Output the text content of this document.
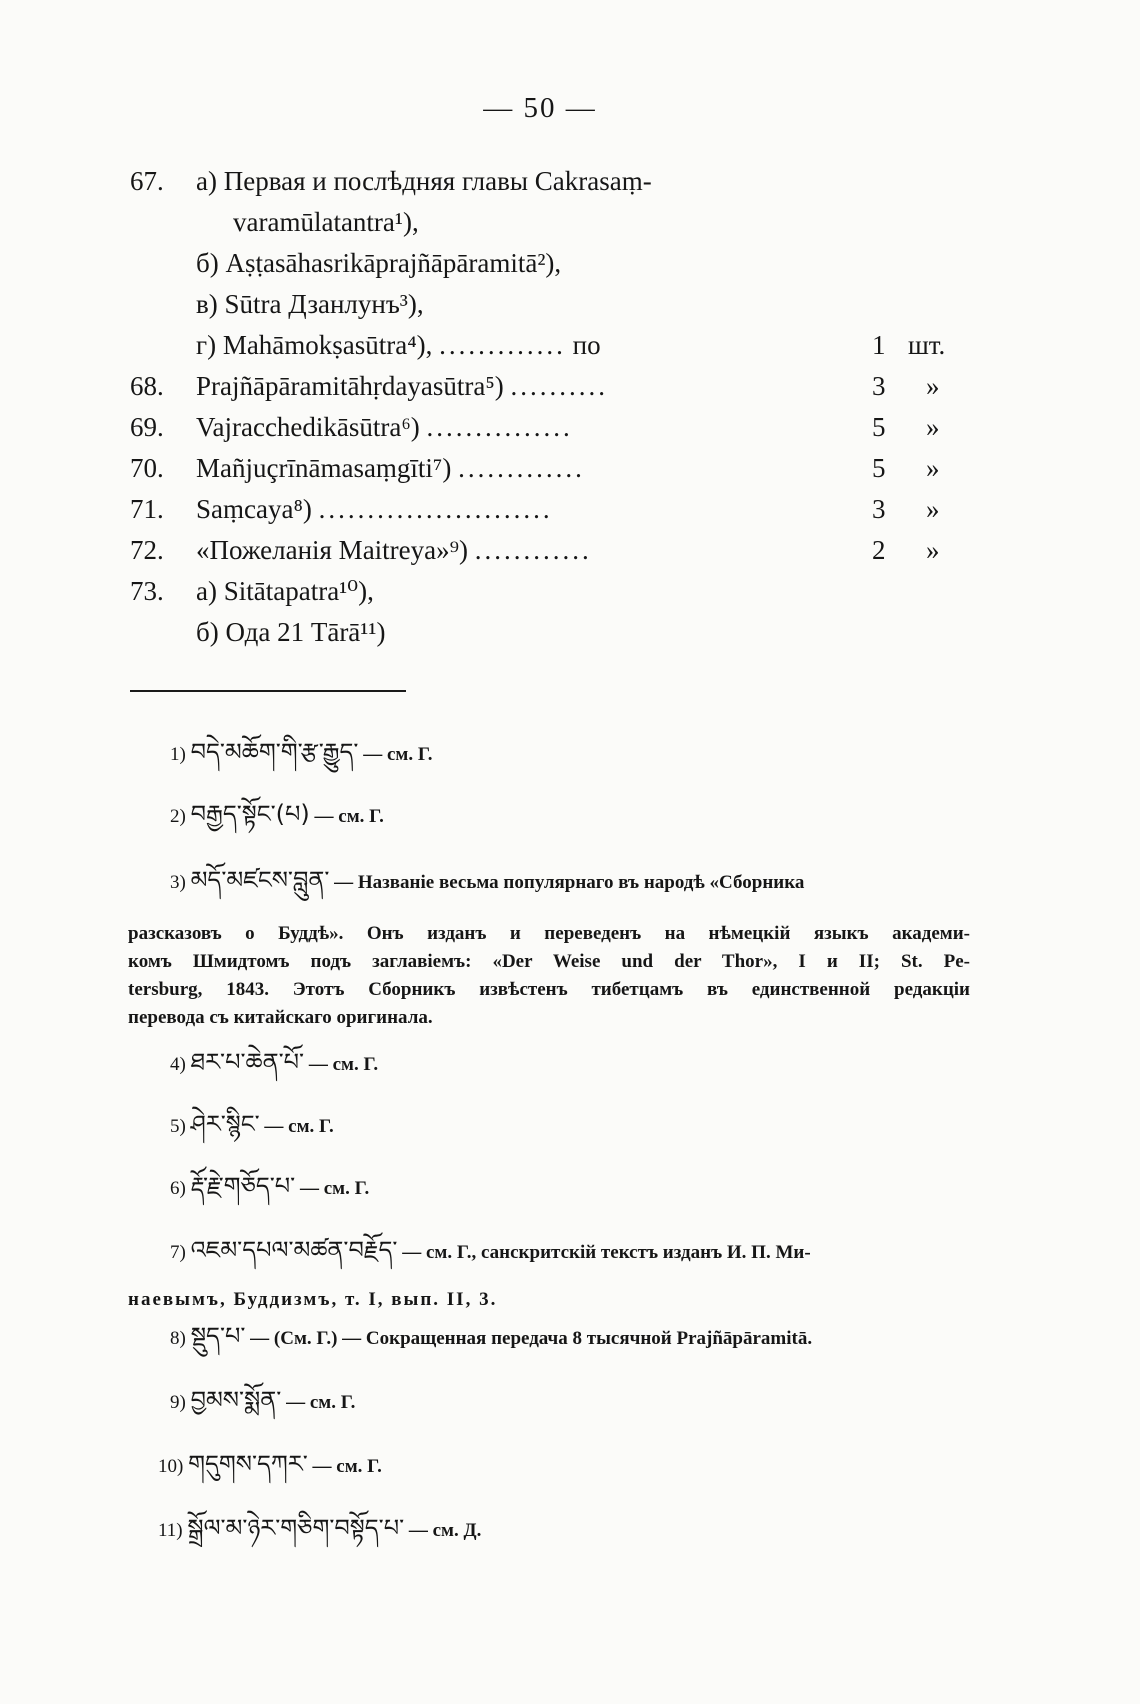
— 50 —
67. а) Первая и послѣдняя главы Cakrasaṃ-
varamūlatantra¹),
б) Aṣṭasāhasrikāprajñāpāramitā²),
в) Sūtra Дзанлунъ³),
г) Mahāmokṣasūtra⁴), ............. по	1 шт.
68. Prajñāpāramitāhṛdayasūtra⁵) ..........	3 »
69. Vajracchedikāsūtra⁶) ...............	5 »
70. Mañjuçrīnāmasaṃgīti⁷) .............	5 »
71. Saṃcaya⁸) ........................	3 »
72. «Пожеланія Maitreya»⁹) ............	2 »
73. а) Sitātapatra¹⁰),
б) Ода 21 Tārā¹¹)
1) བདེ་མཆོག་གི་རྩ་རྒྱུད་ — см. Г.
2) བརྒྱད་སྟོང་(པ) — см. Г.
3) མདོ་མཛངས་བླུན་ — Названіе весьма популярнаго въ народѣ «Сборника
разсказовъ о Буддѣ». Онъ изданъ и переведенъ на нѣмецкій языкъ академи-
комъ Шмидтомъ подъ заглавіемъ: «Der Weise und der Thor», I и II; St. Pe-
tersburg, 1843. Этотъ Сборникъ извѣстенъ тибетцамъ въ единственной редакціи
перевода съ китайскаго оригинала.
4) ཐར་པ་ཆེན་པོ་ — см. Г.
5) ཤེར་སྙིང་ — см. Г.
6) རྡོ་རྗེ་གཅོད་པ་ — см. Г.
7) འཇམ་དཔལ་མཚན་བརྗོད་ — см. Г., санскритскій текстъ изданъ И. П. Ми-
наевымъ, Буддизмъ, т. I, вып. II, 3.
8) སྡུད་པ་ — (См. Г.) — Сокращенная передача 8 тысячной Prajñāpāramitā.
9) བྱམས་སྨོན་ — см. Г.
10) གདུགས་དཀར་ — см. Г.
11) སྒྲོལ་མ་ཉེར་གཅིག་བསྟོད་པ་ — см. Д.
